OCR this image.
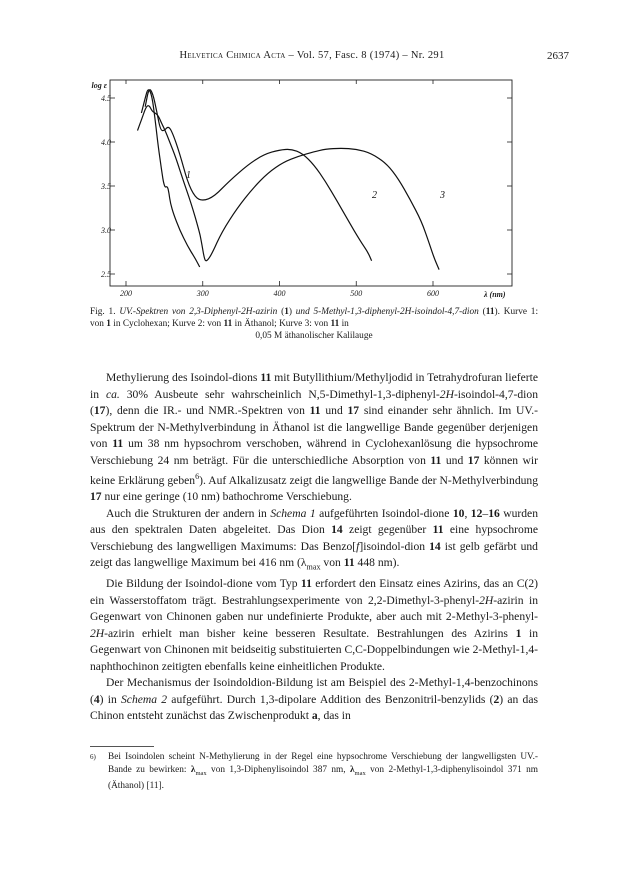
Helvetica Chimica Acta – Vol. 57, Fasc. 8 (1974) – Nr. 291	2637
2.5
3.0
3.5
4.0
4.5
200	300	400	500	600
log ε
λ (nm)
1
2	3
Fig. 1. UV.-Spektren von 2,3-Diphenyl-2H-azirin (1) und 5-Methyl-1,3-diphenyl-2H-isoindol-4,7-dion (11). Kurve 1: von 1 in Cyclohexan; Kurve 2: von 11 in Äthanol; Kurve 3: von 11 in
0,05 M äthanolischer Kalilauge

Methylierung des Isoindol-dions 11 mit Butyllithium/Methyljodid in Tetrahydrofuran lieferte in ca. 30% Ausbeute sehr wahrscheinlich N,5-Dimethyl-1,3-diphenyl-2H-isoindol-4,7-dion (17), denn die IR.- und NMR.-Spektren von 11 und 17 sind einander sehr ähnlich. Im UV.-Spektrum der N-Methylverbindung in Äthanol ist die langwellige Bande gegenüber derjenigen von 11 um 38 nm hypsochrom verschoben, während in Cyclohexanlösung die hypsochrome Verschiebung 24 nm beträgt. Für die unterschiedliche Absorption von 11 und 17 können wir keine Erklärung geben$^6$). Auf Alkalizusatz zeigt die langwellige Bande der N-Methylverbindung 17 nur eine geringe (10 nm) bathochrome Verschiebung.

Auch die Strukturen der andern in Schema 1 aufgeführten Isoindol-dione 10, 12–16 wurden aus den spektralen Daten abgeleitet. Das Dion 14 zeigt gegenüber 11 eine hypsochrome Verschiebung des langwelligen Maximums: Das Benzo[f]isoindol-dion 14 ist gelb gefärbt und zeigt das langwellige Maximum bei 416 nm ($\lambda_{max}$ von 11 448 nm).

Die Bildung der Isoindol-dione vom Typ 11 erfordert den Einsatz eines Azirins, das an C(2) ein Wasserstoffatom trägt. Bestrahlungsexperimente von 2,2-Dimethyl-3-phenyl-2H-azirin in Gegenwart von Chinonen gaben nur undefinierte Produkte, aber auch mit 2-Methyl-3-phenyl-2H-azirin erhielt man bisher keine besseren Resultate. Bestrahlungen des Azirins 1 in Gegenwart von Chinonen mit beidseitig substituierten C,C-Doppelbindungen wie 2-Methyl-1,4-naphthochinon zeitigten ebenfalls keine einheitlichen Produkte.

Der Mechanismus der Isoindoldion-Bildung ist am Beispiel des 2-Methyl-1,4-benzochinons (4) in Schema 2 aufgeführt. Durch 1,3-dipolare Addition des Benzonitril-benzylids (2) an das Chinon entsteht zunächst das Zwischenprodukt a, das in

6) Bei Isoindolen scheint N-Methylierung in der Regel eine hypsochrome Verschiebung der langwelligsten UV.-Bande zu bewirken: $\lambda_{max}$ von 1,3-Diphenylisoindol 387 nm, $\lambda_{max}$ von 2-Methyl-1,3-diphenylisoindol 371 nm (Äthanol) [11].
